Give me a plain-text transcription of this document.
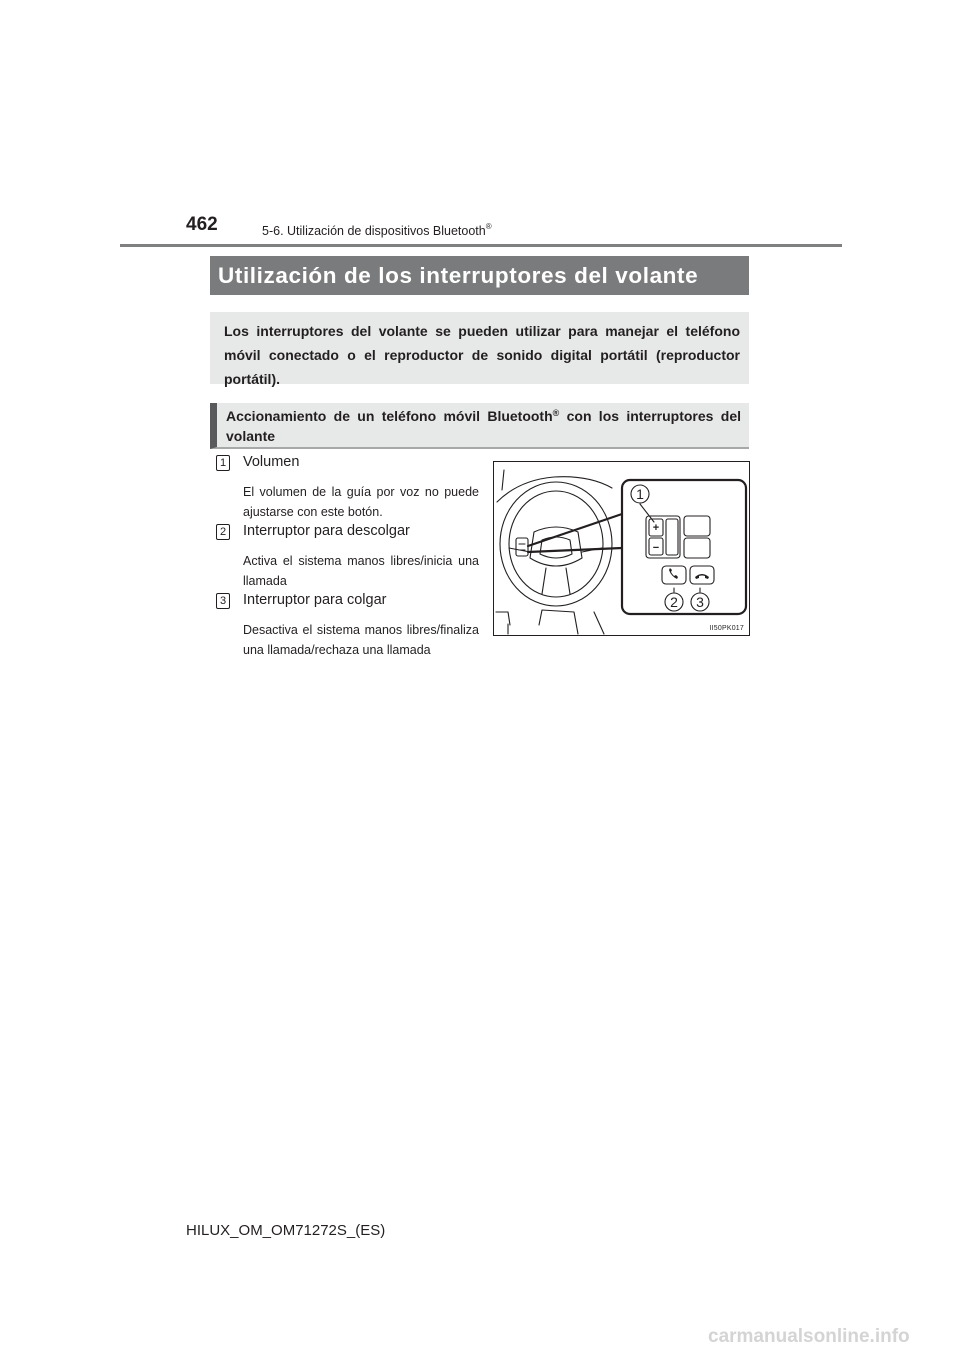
462	5-6. Utilización de dispositivos Bluetooth®
Utilización de los interruptores del volante
Los interruptores del volante se pueden utilizar para manejar el teléfono móvil conectado o el reproductor de sonido digital portátil (reproductor portátil).
Accionamiento de un teléfono móvil Bluetooth® con los interruptores del volante
1 Volumen
El volumen de la guía por voz no puede ajustarse con este botón.
2 Interruptor para descolgar
Activa el sistema manos libres/inicia una llamada
3 Interruptor para colgar
Desactiva el sistema manos libres/finaliza una llamada/rechaza una llamada
+
−
1
2 3
II50PK017
HILUX_OM_OM71272S_(ES)
carmanualsonline.info
